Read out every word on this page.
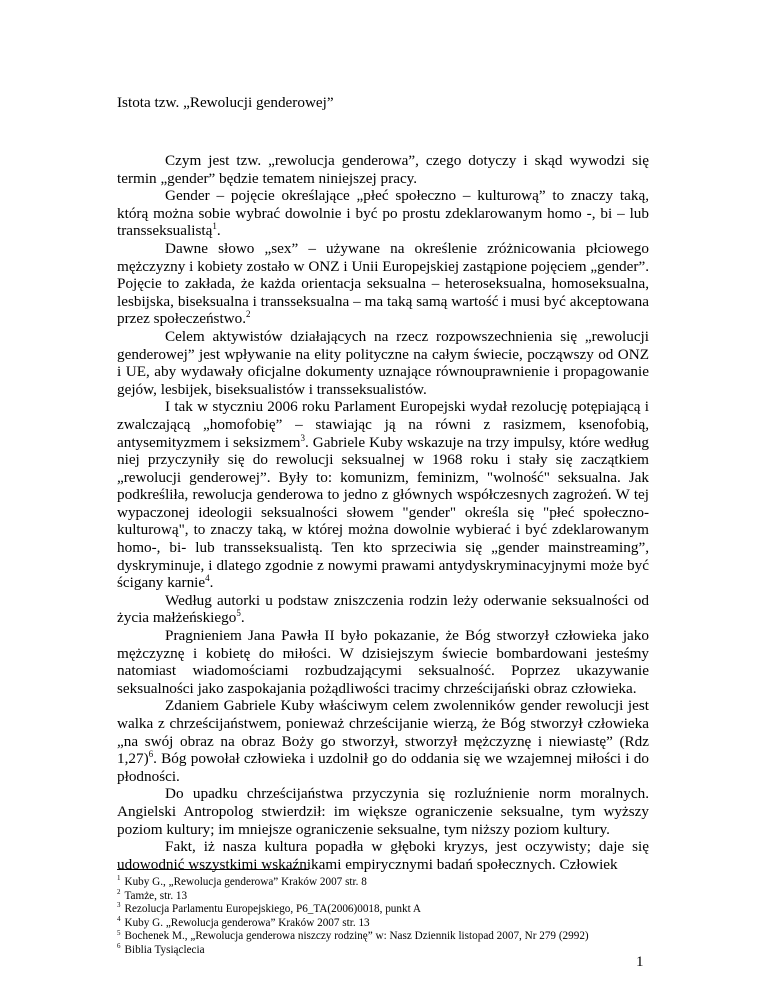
Istota tzw. „Rewolucji genderowej”

Czym jest tzw. „rewolucja genderowa”, czego dotyczy i skąd wywodzi się termin „gender” będzie tematem niniejszej pracy.

Gender – pojęcie określające „płeć społeczno – kulturową” to znaczy taką, którą można sobie wybrać dowolnie i być po prostu zdeklarowanym homo -, bi – lub transseksualistą$^1$.

Dawne słowo „sex” – używane na określenie zróżnicowania płciowego mężczyzny i kobiety zostało w ONZ i Unii Europejskiej zastąpione pojęciem „gender”. Pojęcie to zakłada, że każda orientacja seksualna – heteroseksualna, homoseksualna, lesbijska, biseksualna i transseksualna – ma taką samą wartość i musi być akceptowana przez społeczeństwo.$^2$

Celem aktywistów działających na rzecz rozpowszechnienia się „rewolucji genderowej” jest wpływanie na elity polityczne na całym świecie, począwszy od ONZ i UE, aby wydawały oficjalne dokumenty uznające równouprawnienie i propagowanie gejów, lesbijek, biseksualistów i transseksualistów.

I tak w styczniu 2006 roku Parlament Europejski wydał rezolucję potępiającą i zwalczającą „homofobię” – stawiając ją na równi z rasizmem, ksenofobią, antysemityzmem i seksizmem$^3$. Gabriele Kuby wskazuje na trzy impulsy, które według niej przyczyniły się do rewolucji seksualnej w 1968 roku i stały się zaczątkiem „rewolucji genderowej”. Były to: komunizm, feminizm, "wolność" seksualna. Jak podkreśliła, rewolucja genderowa to jedno z głównych współczesnych zagrożeń. W tej wypaczonej ideologii seksualności słowem "gender" określa się "płeć społeczno-kulturową", to znaczy taką, w której można dowolnie wybierać i być zdeklarowanym homo-, bi- lub transseksualistą. Ten kto sprzeciwia się „gender mainstreaming”, dyskryminuje, i dlatego zgodnie z nowymi prawami antydyskryminacyjnymi może być ścigany karnie$^4$.

Według autorki u podstaw zniszczenia rodzin leży oderwanie seksualności od życia małżeńskiego$^5$.

Pragnieniem Jana Pawła II było pokazanie, że Bóg stworzył człowieka jako mężczyznę i kobietę do miłości. W dzisiejszym świecie bombardowani jesteśmy natomiast wiadomościami rozbudzającymi seksualność. Poprzez ukazywanie seksualności jako zaspokajania pożądliwości tracimy chrześcijański obraz człowieka.

Zdaniem Gabriele Kuby właściwym celem zwolenników gender rewolucji jest walka z chrześcijaństwem, ponieważ chrześcijanie wierzą, że Bóg stworzył człowieka „na swój obraz na obraz Boży go stworzył, stworzył mężczyznę i niewiastę” (Rdz 1,27)$^6$. Bóg powołał człowieka i uzdolnił go do oddania się we wzajemnej miłości i do płodności.

Do upadku chrześcijaństwa przyczynia się rozluźnienie norm moralnych. Angielski Antropolog stwierdził: im większe ograniczenie seksualne, tym wyższy poziom kultury; im mniejsze ograniczenie seksualne, tym niższy poziom kultury.

Fakt, iż nasza kultura popadła w głęboki kryzys, jest oczywisty; daje się udowodnić wszystkimi wskaźnikami empirycznymi badań społecznych. Człowiek

$^1$ Kuby G., „Rewolucja genderowa” Kraków 2007 str. 8
$^2$ Tamże, str. 13
$^3$ Rezolucja Parlamentu Europejskiego, P6_TA(2006)0018, punkt A
$^4$ Kuby G. „Rewolucja genderowa” Kraków 2007 str. 13
$^5$ Bochenek M., „Rewolucja genderowa niszczy rodzinę” w: Nasz Dziennik listopad 2007, Nr 279 (2992)
$^6$ Biblia Tysiąclecia
1
